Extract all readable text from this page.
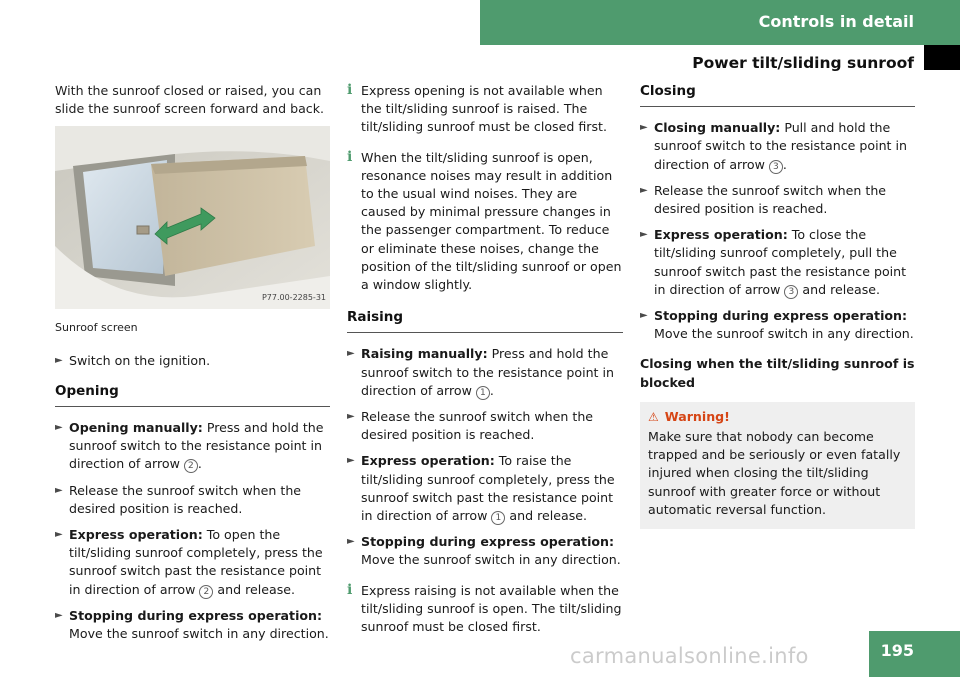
Controls in detail
Power tilt/sliding sunroof

With the sunroof closed or raised, you can slide the sunroof screen forward and back.

P77.00-2285-31

Sunroof screen

► Switch on the ignition.
Opening
► Opening manually: Press and hold the sunroof switch to the resistance point in direction of arrow 2 .
► Release the sunroof switch when the desired position is reached.
► Express operation: To open the tilt/sliding sunroof completely, press the sunroof switch past the resistance point in direction of arrow 2 and release.
► Stopping during express operation:
Move the sunroof switch in any direction.
i Express opening is not available when the tilt/sliding sunroof is raised. The tilt/sliding sunroof must be closed first.
i When the tilt/sliding sunroof is open, resonance noises may result in addition to the usual wind noises. They are caused by minimal pressure changes in the passenger compartment. To reduce or eliminate these noises, change the position of the tilt/sliding sunroof or open a window slightly.
Raising
► Raising manually: Press and hold the sunroof switch to the resistance point in direction of arrow 1 .
► Release the sunroof switch when the desired position is reached.
► Express operation: To raise the tilt/sliding sunroof completely, press the sunroof switch past the resistance point in direction of arrow 1 and release.
► Stopping during express operation:
Move the sunroof switch in any direction.
i Express raising is not available when the tilt/sliding sunroof is open. The tilt/sliding sunroof must be closed first.
Closing
► Closing manually: Pull and hold the sunroof switch to the resistance point in direction of arrow 3 .
► Release the sunroof switch when the desired position is reached.
► Express operation: To close the tilt/sliding sunroof completely, pull the sunroof switch past the resistance point in direction of arrow 3 and release.
► Stopping during express operation:
Move the sunroof switch in any direction.

Closing when the tilt/sliding sunroof is blocked

⚠ Warning!

Make sure that nobody can become trapped and be seriously or even fatally injured when closing the tilt/sliding sunroof with greater force or without automatic reversal function.

carmanualsonline.info	195
